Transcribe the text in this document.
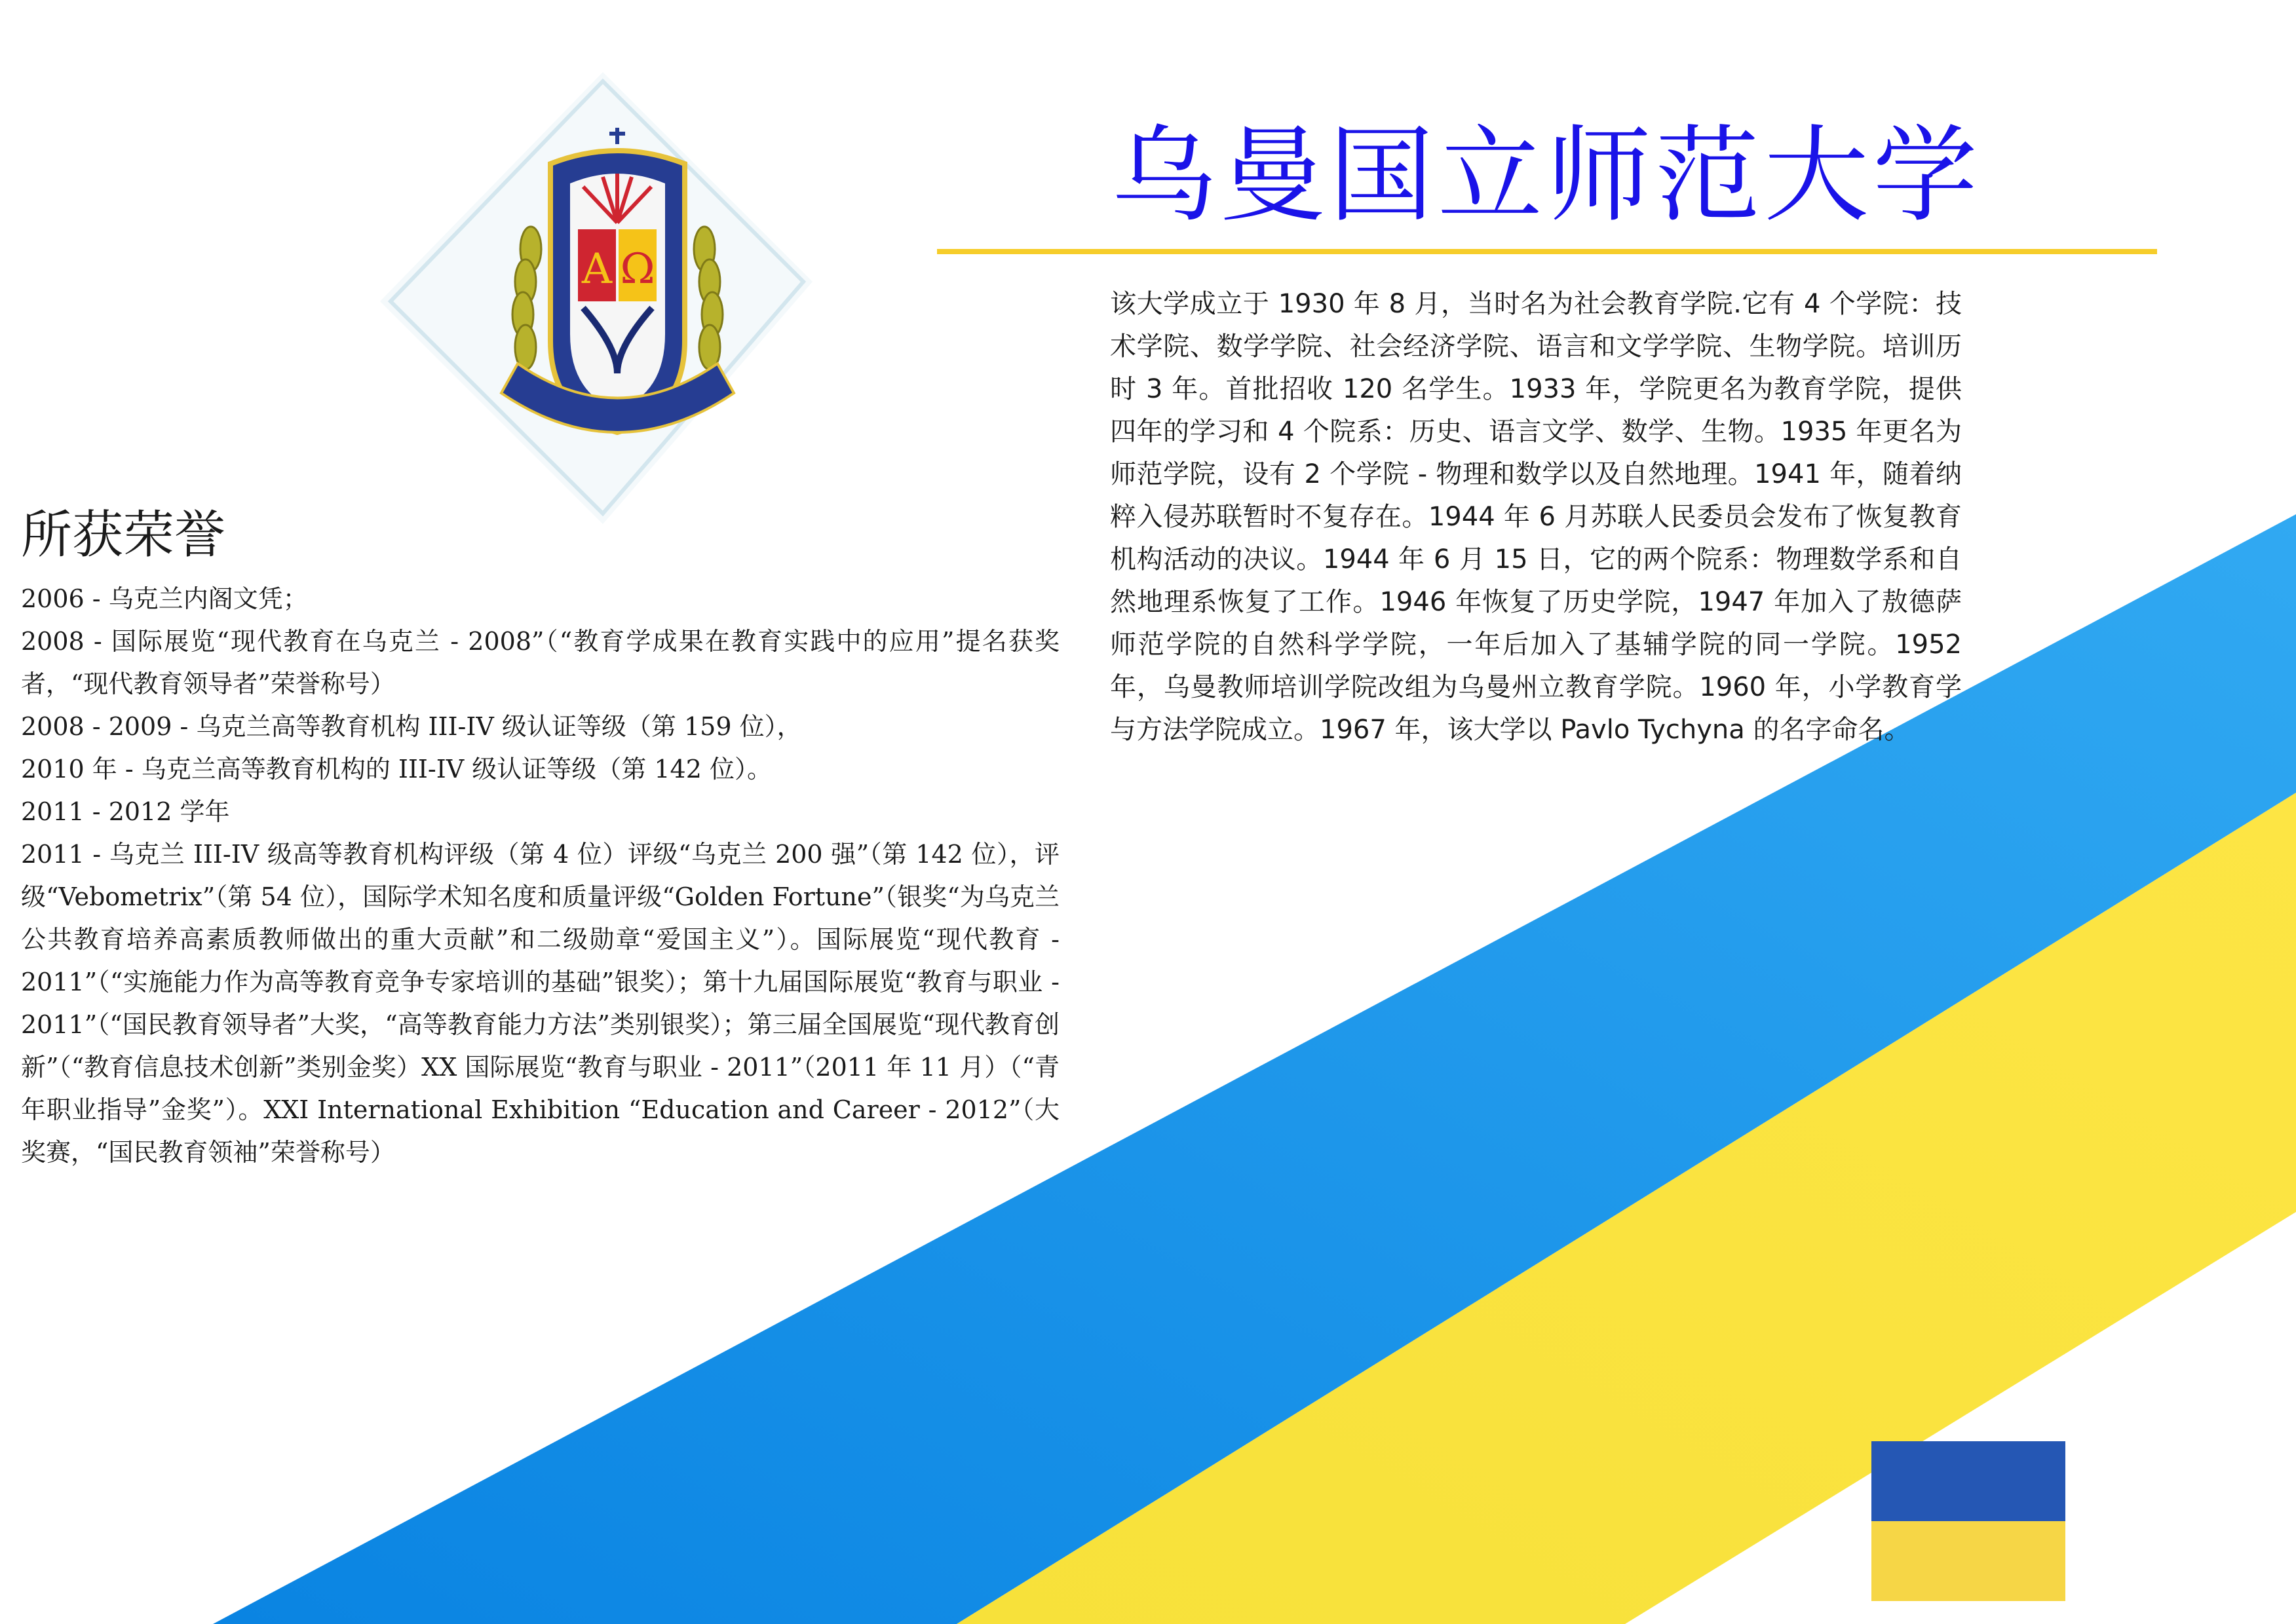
Α Ω
乌曼国立师范大学

该大学成立于 1930 年 8 月，当时名为社会教育学院.它有 4 个学院：技术学院、数学学院、社会经济学院、语言和文学学院、生物学院。培训历时 3 年。首批招收 120 名学生。1933 年，学院更名为教育学院，提供四年的学习和 4 个院系：历史、语言文学、数学、生物。1935 年更名为师范学院，设有 2 个学院 - 物理和数学以及自然地理。1941 年，随着纳粹入侵苏联暂时不复存在。1944 年 6 月苏联人民委员会发布了恢复教育机构活动的决议。1944 年 6 月 15 日，它的两个院系：物理数学系和自然地理系恢复了工作。1946 年恢复了历史学院，1947 年加入了敖德萨师范学院的自然科学学院，一年后加入了基辅学院的同一学院。1952 年，乌曼教师培训学院改组为乌曼州立教育学院。1960 年，小学教育学与方法学院成立。1967 年，该大学以 Pavlo Tychyna 的名字命名。

所获荣誉
2006 - 乌克兰内阁文凭；
2008 - 国际展览“现代教育在乌克兰 - 2008”（“教育学成果在教育实践中的应用”提名获奖者，“现代教育领导者”荣誉称号）
2008 - 2009 - 乌克兰高等教育机构 III-IV 级认证等级（第 159 位），
2010 年 - 乌克兰高等教育机构的 III-IV 级认证等级（第 142 位）。
2011 - 2012 学年
2011 - 乌克兰 III-IV 级高等教育机构评级（第 4 位）评级“乌克兰 200 强”（第 142 位），评级“Vebometrix”（第 54 位），国际学术知名度和质量评级“Golden Fortune”（银奖“为乌克兰公共教育培养高素质教师做出的重大贡献”和二级勋章“爱国主义”）。国际展览“现代教育 - 2011”（“实施能力作为高等教育竞争专家培训的基础”银奖）；第十九届国际展览“教育与职业 - 2011”（“国民教育领导者”大奖，“高等教育能力方法”类别银奖）；第三届全国展览“现代教育创新”（“教育信息技术创新”类别金奖）XX 国际展览“教育与职业 - 2011”（2011 年 11 月）（“青年职业指导”金奖”）。XXI International Exhibition “Education and Career - 2012”（大奖赛，“国民教育领袖”荣誉称号）
